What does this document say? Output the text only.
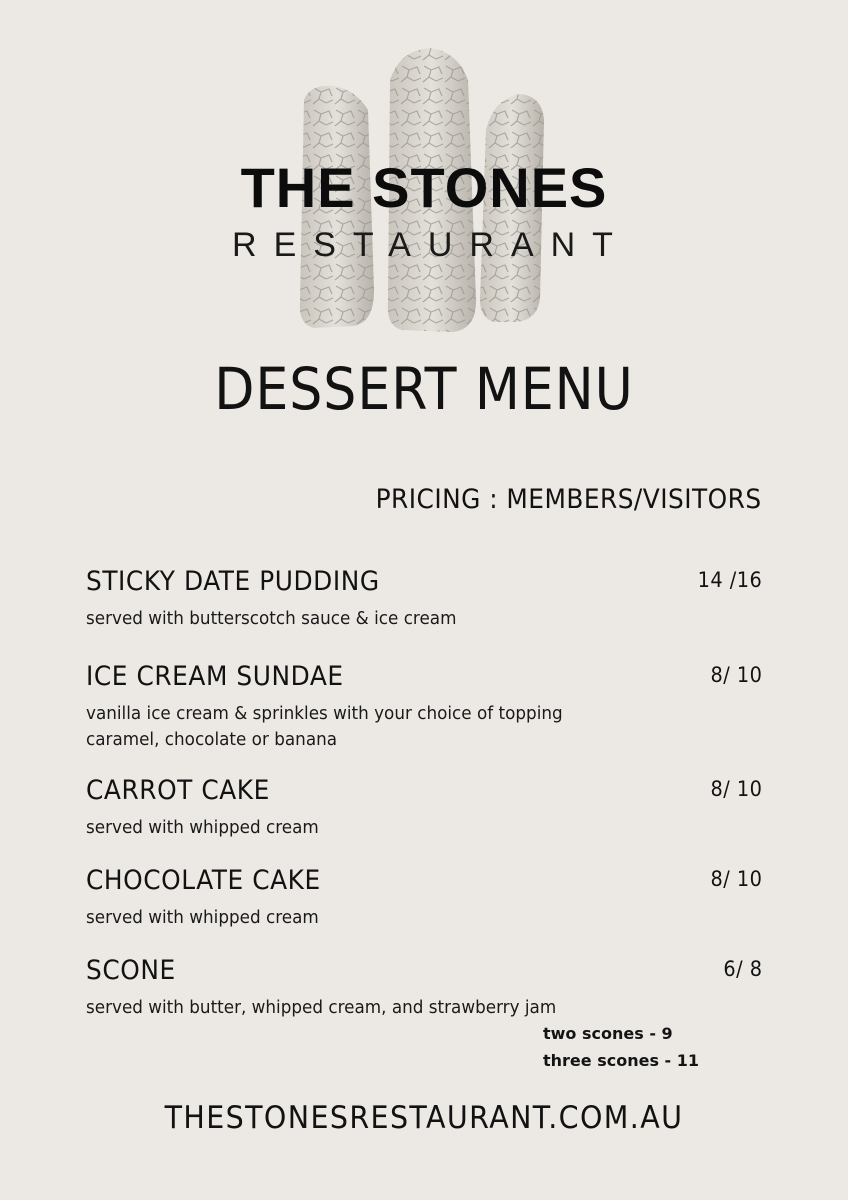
THE STONES
RESTAURANT
DESSERT MENU
PRICING : MEMBERS/VISITORS
STICKY DATE PUDDING	14 /16
served with butterscotch sauce & ice cream
ICE CREAM SUNDAE	8/ 10
vanilla ice cream & sprinkles with your choice of topping
caramel, chocolate or banana
CARROT CAKE	8/ 10
served with whipped cream
CHOCOLATE CAKE	8/ 10
served with whipped cream
SCONE	6/ 8
served with butter, whipped cream, and strawberry jam
two scones - 9
three scones - 11
THESTONESRESTAURANT.COM.AU
